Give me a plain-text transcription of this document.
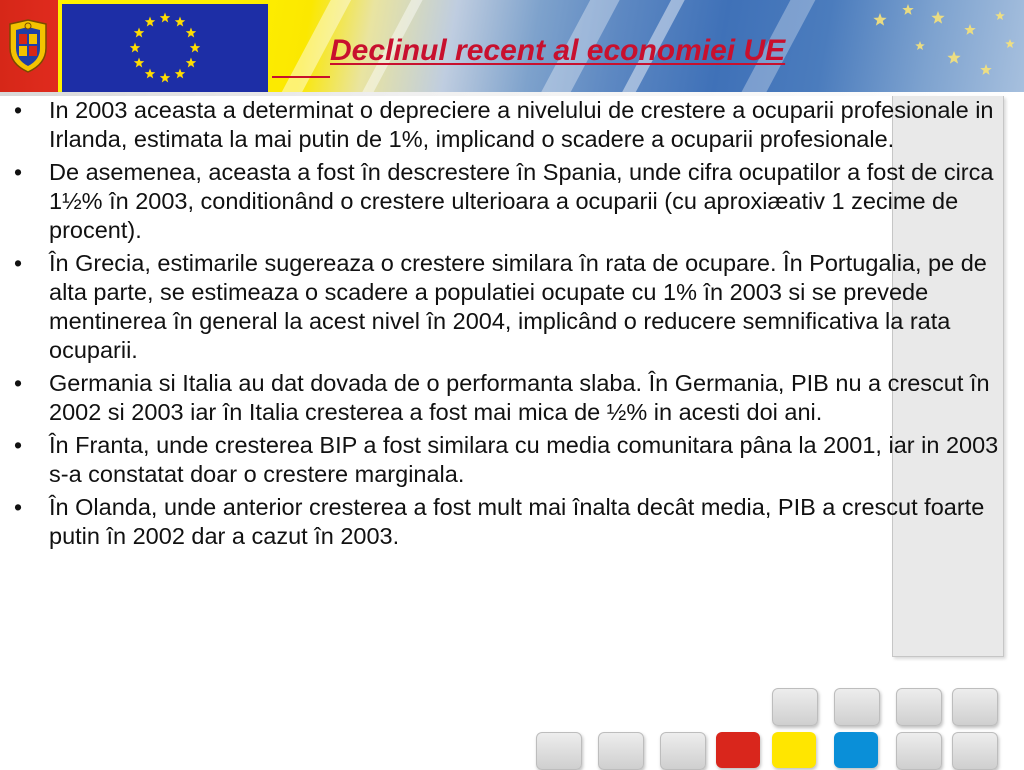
Declinul recent al economiei UE
• In 2003 aceasta a determinat o depreciere a nivelului de crestere a ocuparii profesionale in Irlanda, estimata la mai putin de 1%, implicand o scadere a ocuparii profesionale.
• De asemenea, aceasta a fost în descrestere în Spania, unde cifra ocupatilor a fost de circa 1½% în 2003, conditionând o crestere ulterioara a ocuparii (cu aproxiæativ 1 zecime de procent).
• În Grecia, estimarile sugereaza o crestere similara în rata de ocupare. În Portugalia, pe de alta parte, se estimeaza o scadere a populatiei ocupate cu 1% în 2003 si se prevede mentinerea în general la acest nivel în 2004, implicând o reducere semnificativa la rata ocuparii.
• Germania si Italia au dat dovada de o performanta slaba. În Germania, PIB nu a crescut în 2002 si 2003 iar în Italia cresterea a fost mai mica de ½% in acesti doi ani.
• În Franta, unde cresterea BIP a fost similara cu media comunitara pâna la 2001, iar in 2003 s-a constatat doar o crestere marginala.
• În Olanda, unde anterior cresterea a fost mult mai înalta decât media, PIB a crescut foarte putin în 2002 dar a cazut în 2003.
